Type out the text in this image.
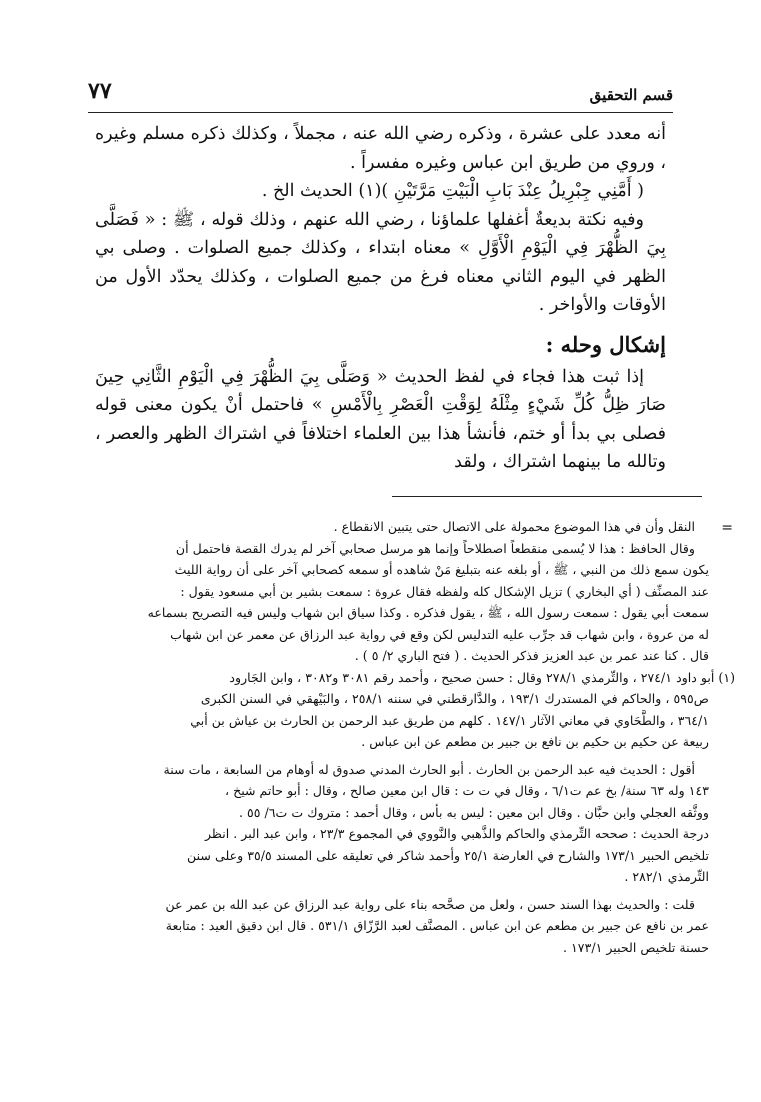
قسم التحقيق
٧٧

أنه معدد على عشرة ، وذكره رضي الله عنه ، مجملاً ، وكذلك ذكره مسلم وغيره ، وروي من طريق ابن عباس وغيره مفسراً .

( أَمَّنِي جِبْرِيلُ عِنْدَ بَابِ الْبَيْتِ مَرَّتَيْنِ )(١) الحديث الخ .

وفيه نكتة بديعةٌ أغفلها علماؤنا ، رضي الله عنهم ، وذلك قوله ، ﷺ : « فَصَلَّى بِيَ الظُّهْرَ فِي الْيَوْمِ الْأَوَّلِ » معناه ابتداء ، وكذلك جميع الصلوات . وصلى بي الظهر في اليوم الثاني معناه فرغ من جميع الصلوات ، وكذلك يحدّد الأول من الأوقات والأواخر .

إشكال وحله :

إذا ثبت هذا فجاء في لفظ الحديث « وَصَلَّى بِيَ الظُّهْرَ فِي الْيَوْمِ الثَّانِي حِينَ صَارَ ظِلُّ كُلِّ شَيْءٍ مِثْلَهُ لِوَقْتِ الْعَصْرِ بِالْأَمْسِ » فاحتمل أنْ يكون معنى قوله فصلى بي بدأ أو ختم، فأنشأ هذا بين العلماء اختلافاً في اشتراك الظهر والعصر ، وتالله ما بينهما اشتراك ، ولقد

=

النقل وأن في هذا الموضوع محمولة على الاتصال حتى يتبين الانقطاع .

وقال الحافظ : هذا لا يُسمى منقطعاً اصطلاحاً وإنما هو مرسل صحابي آخر لم يدرك القصة فاحتمل أن

يكون سمع ذلك من النبي ، ﷺ ، أو بلغه عنه بتبليغ مَنْ شاهده أو سمعه كصحابي آخر على أن رواية الليث

عند المصنِّف ( أي البخاري ) تزيل الإشكال كله ولفظه فقال عروة : سمعت بشير بن أبي مسعود يقول :

سمعت أبي يقول : سمعت رسول الله ، ﷺ ، يقول فذكره . وكذا سياق ابن شهاب وليس فيه التصريح بسماعه

له من عروة ، وابن شهاب قد جرِّب عليه التدليس لكن وقع في رواية عبد الرزاق عن معمر عن ابن شهاب

قال . كنا عند عمر بن عبد العزيز فذكر الحديث . ( فتح الباري ٢/ ٥ ) .

(١) أبو داود ٢٧٤/١ ، والتِّرمذي ٢٧٨/١ وقال : حسن صحيح ، وأحمد رقم ٣٠٨١ و٣٠٨٢ ، وابن الجَارود

ص٥٩٥ ، والحاكم في المستدرك ١٩٣/١ ، والدَّارقطني في سننه ٢٥٨/١ ، والبَيْهقي في السنن الكبرى

٣٦٤/١ ، والطَّحَاوي في معاني الآثار ١٤٧/١ . كلهم من طريق عبد الرحمن بن الحارث بن عياش بن أبي

ربيعة عن حكيم بن حكيم بن نافع بن جبير بن مطعم عن ابن عباس .

أقول : الحديث فيه عبد الرحمن بن الحارث . أبو الحارث المدني صدوق له أوهام من السابعة ، مات سنة

١٤٣ وله ٦٣ سنة/ بخ عم ت٦/١ ، وقال في ت ت : قال ابن معين صالح ، وقال : أبو حاتم شيخ ،

ووثَّقه العجلي وابن حبَّان . وقال ابن معين : ليس به بأس ، وقال أحمد : متروك ت ت٦/ ٥٥ .

درجة الحديث : صححه التِّرمذي والحاكم والذَّهبي والنَّووي في المجموع ٢٣/٣ ، وابن عبد البر . انظر

تلخيص الحبير ١٧٣/١ والشارح في العارضة ٢٥/١ وأحمد شاكر في تعليقه على المسند ٣٥/٥ وعلى سنن

التِّرمذي ٢٨٢/١ .

قلت : والحديث بهذا السند حسن ، ولعل من صحَّحه بناء على رواية عبد الرزاق عن عبد الله بن عمر عن

عمر بن نافع عن جبير بن مطعم عن ابن عباس . المصنَّف لعبد الرَّزّاق ٥٣١/١ . قال ابن دقيق العيد : متابعة

حسنة تلخيص الحبير ١٧٣/١ .
